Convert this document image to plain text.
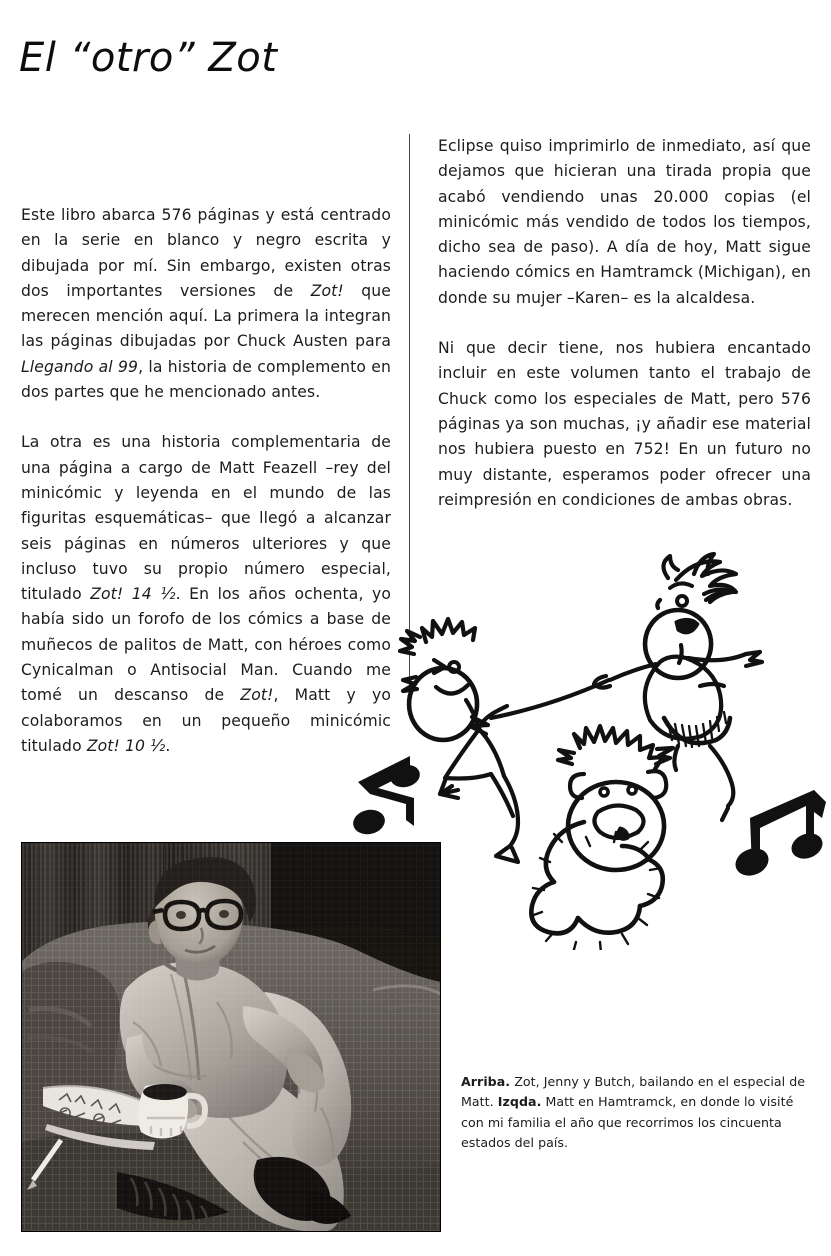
El “otro” Zot

Este libro abarca 576 páginas y está centrado en la serie en blanco y negro escrita y dibujada por mí. Sin embargo, existen otras dos importantes versiones de Zot! que merecen mención aquí. La primera la integran las páginas dibujadas por Chuck Austen para Llegando al 99, la historia de complemento en dos partes que he mencionado antes.

La otra es una historia complementaria de una página a cargo de Matt Feazell –rey del minicómic y leyenda en el mundo de las figuritas esquemáticas– que llegó a alcanzar seis páginas en números ulteriores y que incluso tuvo su propio número especial, titulado Zot! 14 ½. En los años ochenta, yo había sido un forofo de los cómics a base de muñecos de palitos de Matt, con héroes como Cynicalman o Antisocial Man. Cuando me tomé un descanso de Zot!, Matt y yo colaboramos en un pequeño minicómic titulado Zot! 10 ½.

Eclipse quiso imprimirlo de inmediato, así que dejamos que hicieran una tirada propia que acabó vendiendo unas 20.000 copias (el minicómic más vendido de todos los tiempos, dicho sea de paso). A día de hoy, Matt sigue haciendo cómics en Hamtramck (Michigan), en donde su mujer –Karen– es la alcaldesa.

Ni que decir tiene, nos hubiera encantado incluir en este volumen tanto el trabajo de Chuck como los especiales de Matt, pero 576 páginas ya son muchas, ¡y añadir ese material nos hubiera puesto en 752! En un futuro no muy distante, esperamos poder ofrecer una reimpresión en condiciones de ambas obras.

Arriba. Zot, Jenny y Butch, bailando en el especial de Matt. Izqda. Matt en Hamtramck, en donde lo visité con mi familia el año que recorrimos los cincuenta estados del país.
